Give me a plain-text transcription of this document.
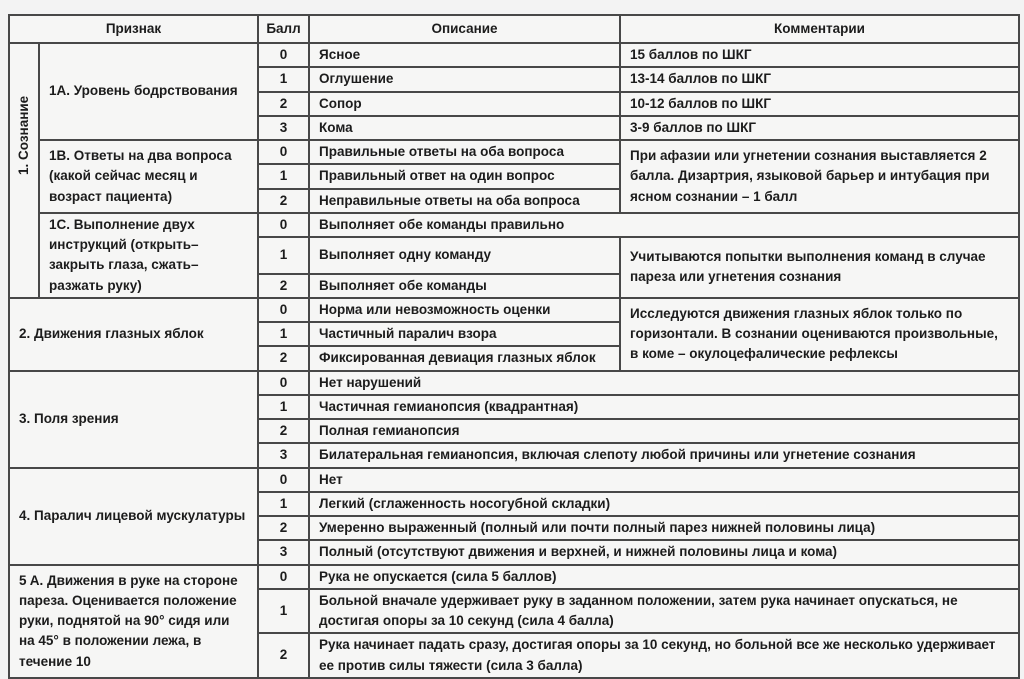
Признак		Балл	Описание	Комментарии

1. Сознание	1A. Уровень бодрствования	0	Ясное	15 баллов по ШКГ
		1	Оглушение	13-14 баллов по ШКГ
		2	Сопор	10-12 баллов по ШКГ
		3	Кома	3-9 баллов по ШКГ
	1B. Ответы на два вопроса (какой сейчас месяц и возраст пациента)	0	Правильные ответы на оба вопроса	При афазии или угнетении сознания выставляется 2 балла. Дизартрия, языковой барьер и интубация при ясном сознании – 1 балл
		1	Правильный ответ на один вопрос	
		2	Неправильные ответы на оба вопроса	
	1C. Выполнение двух инструкций (открыть–закрыть глаза, сжать–разжать руку)	0	Выполняет обе команды правильно	
		1	Выполняет одну команду	Учитываются попытки выполнения команд в случае пареза или угнетения сознания
		2	Выполняет обе команды	
2. Движения глазных яблок		0	Норма или невозможность оценки	Исследуются движения глазных яблок только по горизонтали. В сознании оцениваются произвольные, в коме – окулоцефалические рефлексы
		1	Частичный паралич взора	
		2	Фиксированная девиация глазных яблок	
3. Поля зрения		0	Нет нарушений	
		1	Частичная гемианопсия (квадрантная)	
		2	Полная гемианопсия	
		3	Билатеральная гемианопсия, включая слепоту любой причины или угнетение сознания	
4. Паралич лицевой мускулатуры		0	Нет	
		1	Легкий (сглаженность носогубной складки)	
		2	Умеренно выраженный (полный или почти полный парез нижней половины лица)	
		3	Полный (отсутствуют движения и верхней, и нижней половины лица и кома)	
5 A. Движения в руке на стороне пареза. Оценивается положение руки, поднятой на 90° сидя или на 45° в положении лежа, в течение 10		0	Рука не опускается (сила 5 баллов)	
		1	Больной вначале удерживает руку в заданном положении, затем рука начинает опускаться, не достигая опоры за 10 секунд (сила 4 балла)	
		2	Рука начинает падать сразу, достигая опоры за 10 секунд, но больной все же несколько удерживает ее против силы тяжести (сила 3 балла)	
